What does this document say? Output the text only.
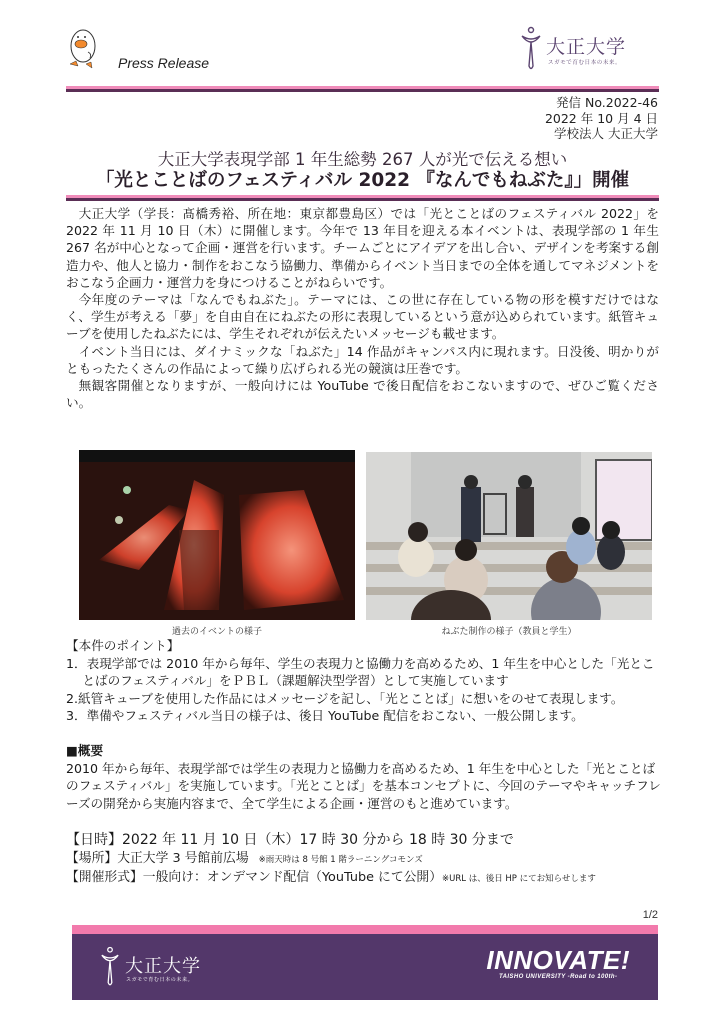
Press Release
大正大学
スガモで育む日本の未来。
発信 No.2022-46
2022 年 10 月 4 日
学校法人 大正大学
大正大学表現学部 1 年生総勢 267 人が光で伝える想い
「光とことばのフェスティバル 2022 『なんでもねぶた』」開催

大正大学（学長：髙橋秀裕、所在地：東京都豊島区）では「光とことばのフェスティバル 2022」を 2022 年 11 月 10 日（木）に開催します。今年で 13 年目を迎える本イベントは、表現学部の 1 年生 267 名が中心となって企画・運営を行います。チームごとにアイデアを出し合い、デザインを考案する創造力や、他人と協力・制作をおこなう協働力、準備からイベント当日までの全体を通してマネジメントをおこなう企画力・運営力を身につけることがねらいです。

今年度のテーマは「なんでもねぶた」。テーマには、この世に存在している物の形を模すだけではなく、学生が考える「夢」を自由自在にねぶたの形に表現しているという意が込められています。紙管キューブを使用したねぶたには、学生それぞれが伝えたいメッセージも載せます。

イベント当日には、ダイナミックな「ねぶた」14 作品がキャンパス内に現れます。日没後、明かりがともったたくさんの作品によって繰り広げられる光の競演は圧巻です。

無観客開催となりますが、一般向けには YouTube で後日配信をおこないますので、ぜひご覧ください。

過去のイベントの様子	ねぶた制作の様子（教員と学生）
【本件のポイント】
1．表現学部では 2010 年から毎年、学生の表現力と協働力を高めるため、1 年生を中心とした「光とことばのフェスティバル」をＰＢＬ（課題解決型学習）として実施しています
2.紙管キューブを使用した作品にはメッセージを記し、「光とことば」に想いをのせて表現します。
3．準備やフェスティバル当日の様子は、後日 YouTube 配信をおこない、一般公開します。
■概要
2010 年から毎年、表現学部では学生の表現力と協働力を高めるため、1 年生を中心とした「光とことばのフェスティバル」を実施しています。「光とことば」を基本コンセプトに、今回のテーマやキャッチフレーズの開発から実施内容まで、全て学生による企画・運営のもと進めています。
【日時】2022 年 11 月 10 日（木）17 時 30 分から 18 時 30 分まで
【場所】大正大学 3 号館前広場 ※雨天時は 8 号館 1 階ラーニングコモンズ
【開催形式】一般向け：オンデマンド配信（YouTube にて公開）※URL は、後日 HP にてお知らせします
1/2
大正大学
スガモで育む日本の未来。
INNOVATE!
TAISHO UNIVERSITY -Road to 100th-
